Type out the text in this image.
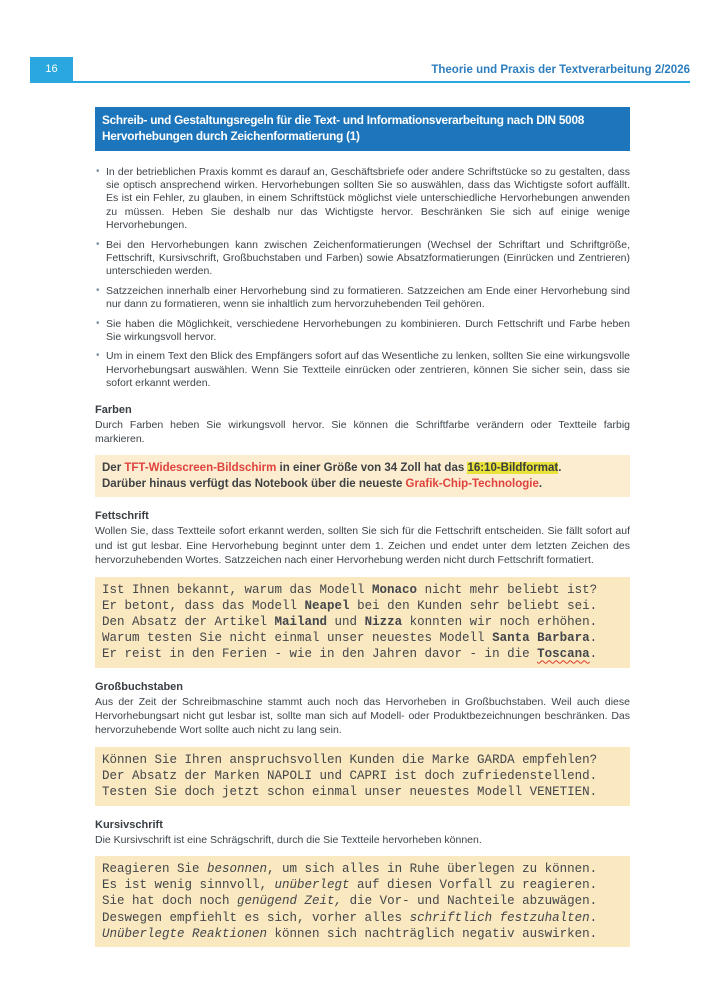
16	Theorie und Praxis der Textverarbeitung 2/2026
Schreib- und Gestaltungsregeln für die Text- und Informationsverarbeitung nach DIN 5008
Hervorhebungen durch Zeichenformatierung (1)
• In der betrieblichen Praxis kommt es darauf an, Geschäftsbriefe oder andere Schriftstücke so zu gestalten, dass sie optisch ansprechend wirken. Hervorhebungen sollten Sie so auswählen, dass das Wichtigste sofort auffällt. Es ist ein Fehler, zu glauben, in einem Schriftstück möglichst viele unterschiedliche Hervorhebungen anwenden zu müssen. Heben Sie deshalb nur das Wichtigste hervor. Beschränken Sie sich auf einige wenige Hervorhebungen.
• Bei den Hervorhebungen kann zwischen Zeichenformatierungen (Wechsel der Schriftart und Schriftgröße, Fettschrift, Kursivschrift, Großbuchstaben und Farben) sowie Absatzformatierungen (Einrücken und Zentrieren) unterschieden werden.
• Satzzeichen innerhalb einer Hervorhebung sind zu formatieren. Satzzeichen am Ende einer Hervorhebung sind nur dann zu formatieren, wenn sie inhaltlich zum hervorzuhebenden Teil gehören.
• Sie haben die Möglichkeit, verschiedene Hervorhebungen zu kombinieren. Durch Fettschrift und Farbe heben Sie wirkungsvoll hervor.
• Um in einem Text den Blick des Empfängers sofort auf das Wesentliche zu lenken, sollten Sie eine wirkungsvolle Hervorhebungsart auswählen. Wenn Sie Textteile einrücken oder zentrieren, können Sie sicher sein, dass sie sofort erkannt werden.
Farben

Durch Farben heben Sie wirkungsvoll hervor. Sie können die Schriftfarbe verändern oder Textteile farbig markieren.

Der TFT-Widescreen-Bildschirm in einer Größe von 34 Zoll hat das 16:10-Bildformat.
Darüber hinaus verfügt das Notebook über die neueste Grafik-Chip-Technologie.
Fettschrift

Wollen Sie, dass Textteile sofort erkannt werden, sollten Sie sich für die Fettschrift entscheiden. Sie fällt sofort auf und ist gut lesbar. Eine Hervorhebung beginnt unter dem 1. Zeichen und endet unter dem letzten Zeichen des hervorzuhebenden Wortes. Satzzeichen nach einer Hervorhebung werden nicht durch Fettschrift formatiert.

Ist Ihnen bekannt, warum das Modell Monaco nicht mehr beliebt ist?
Er betont, dass das Modell Neapel bei den Kunden sehr beliebt sei.
Den Absatz der Artikel Mailand und Nizza konnten wir noch erhöhen.
Warum testen Sie nicht einmal unser neuestes Modell Santa Barbara.
Er reist in den Ferien - wie in den Jahren davor - in die Toscana.
Großbuchstaben

Aus der Zeit der Schreibmaschine stammt auch noch das Hervorheben in Großbuchstaben. Weil auch diese Hervorhebungsart nicht gut lesbar ist, sollte man sich auf Modell- oder Produktbezeichnungen beschränken. Das hervorzuhebende Wort sollte auch nicht zu lang sein.

Können Sie Ihren anspruchsvollen Kunden die Marke GARDA empfehlen?
Der Absatz der Marken NAPOLI und CAPRI ist doch zufriedenstellend.
Testen Sie doch jetzt schon einmal unser neuestes Modell VENETIEN.
Kursivschrift

Die Kursivschrift ist eine Schrägschrift, durch die Sie Textteile hervorheben können.

Reagieren Sie besonnen, um sich alles in Ruhe überlegen zu können.
Es ist wenig sinnvoll, unüberlegt auf diesen Vorfall zu reagieren.
Sie hat doch noch genügend Zeit, die Vor- und Nachteile abzuwägen.
Deswegen empfiehlt es sich, vorher alles schriftlich festzuhalten.
Unüberlegte Reaktionen können sich nachträglich negativ auswirken.
